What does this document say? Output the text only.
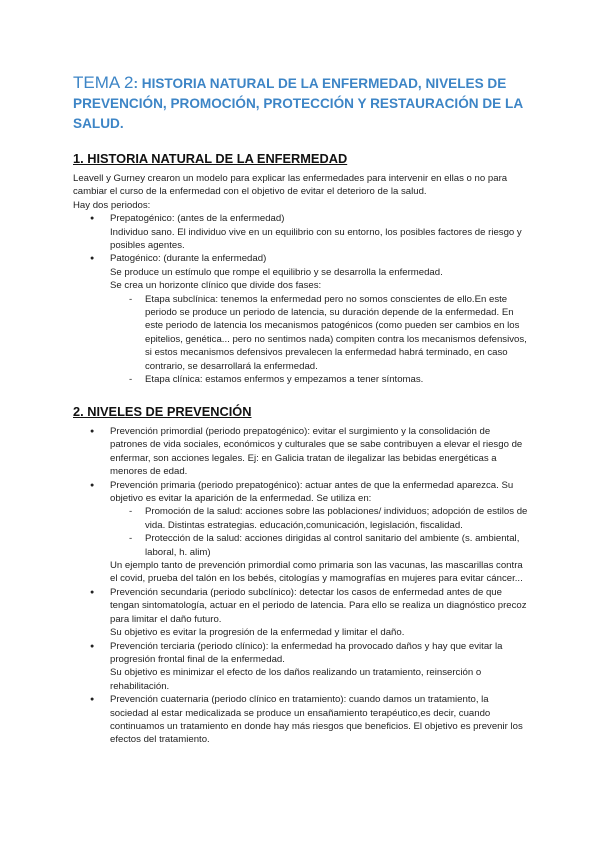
TEMA 2: HISTORIA NATURAL DE LA ENFERMEDAD, NIVELES DE PREVENCIÓN, PROMOCIÓN, PROTECCIÓN Y RESTAURACIÓN DE LA SALUD.
1. HISTORIA NATURAL DE LA ENFERMEDAD

Leavell y Gurney crearon un modelo para explicar las enfermedades para intervenir en ellas o no para cambiar el curso de la enfermedad con el objetivo de evitar el deterioro de la salud.

Hay dos periodos:

● Prepatogénico: (antes de la enfermedad)

Individuo sano. El individuo vive en un equilibrio con su entorno, los posibles factores de riesgo y posibles agentes.

● Patogénico: (durante la enfermedad)

Se produce un estímulo que rompe el equilibrio y se desarrolla la enfermedad.

Se crea un horizonte clínico que divide dos fases:

- Etapa subclínica: tenemos la enfermedad pero no somos conscientes de ello.En este periodo se produce un periodo de latencia, su duración depende de la enfermedad. En este periodo de latencia los mecanismos patogénicos (como pueden ser cambios en los epitelios, genética... pero no sentimos nada) compiten contra los mecanismos defensivos, si estos mecanismos defensivos prevalecen la enfermedad habrá terminado, en caso contrario, se desarrollará la enfermedad.
- Etapa clínica: estamos enfermos y empezamos a tener síntomas.
2. NIVELES DE PREVENCIÓN
● Prevención primordial (periodo prepatogénico): evitar el surgimiento y la consolidación de patrones de vida sociales, económicos y culturales que se sabe contribuyen a elevar el riesgo de enfermar, son acciones legales. Ej: en Galicia tratan de ilegalizar las bebidas energéticas a menores de edad.
● Prevención primaria (periodo prepatogénico): actuar antes de que la enfermedad aparezca. Su objetivo es evitar la aparición de la enfermedad. Se utiliza en:
- Promoción de la salud: acciones sobre las poblaciones/ individuos; adopción de estilos de vida. Distintas estrategias. educación,comunicación, legislación, fiscalidad.
- Protección de la salud: acciones dirigidas al control sanitario del ambiente (s. ambiental, laboral, h. alim)

Un ejemplo tanto de prevención primordial como primaria son las vacunas, las mascarillas contra el covid, prueba del talón en los bebés, citologías y mamografías en mujeres para evitar cáncer...

● Prevención secundaria (periodo subclínico): detectar los casos de enfermedad antes de que tengan sintomatología, actuar en el periodo de latencia. Para ello se realiza un diagnóstico precoz para limitar el daño futuro.

Su objetivo es evitar la progresión de la enfermedad y limitar el daño.

● Prevención terciaria (periodo clínico): la enfermedad ha provocado daños y hay que evitar la progresión frontal final de la enfermedad.

Su objetivo es minimizar el efecto de los daños realizando un tratamiento, reinserción o rehabilitación.

● Prevención cuaternaria (periodo clínico en tratamiento): cuando damos un tratamiento, la sociedad al estar medicalizada se produce un ensañamiento terapéutico,es decir, cuando continuamos un tratamiento en donde hay más riesgos que beneficios. El objetivo es prevenir los efectos del tratamiento.
